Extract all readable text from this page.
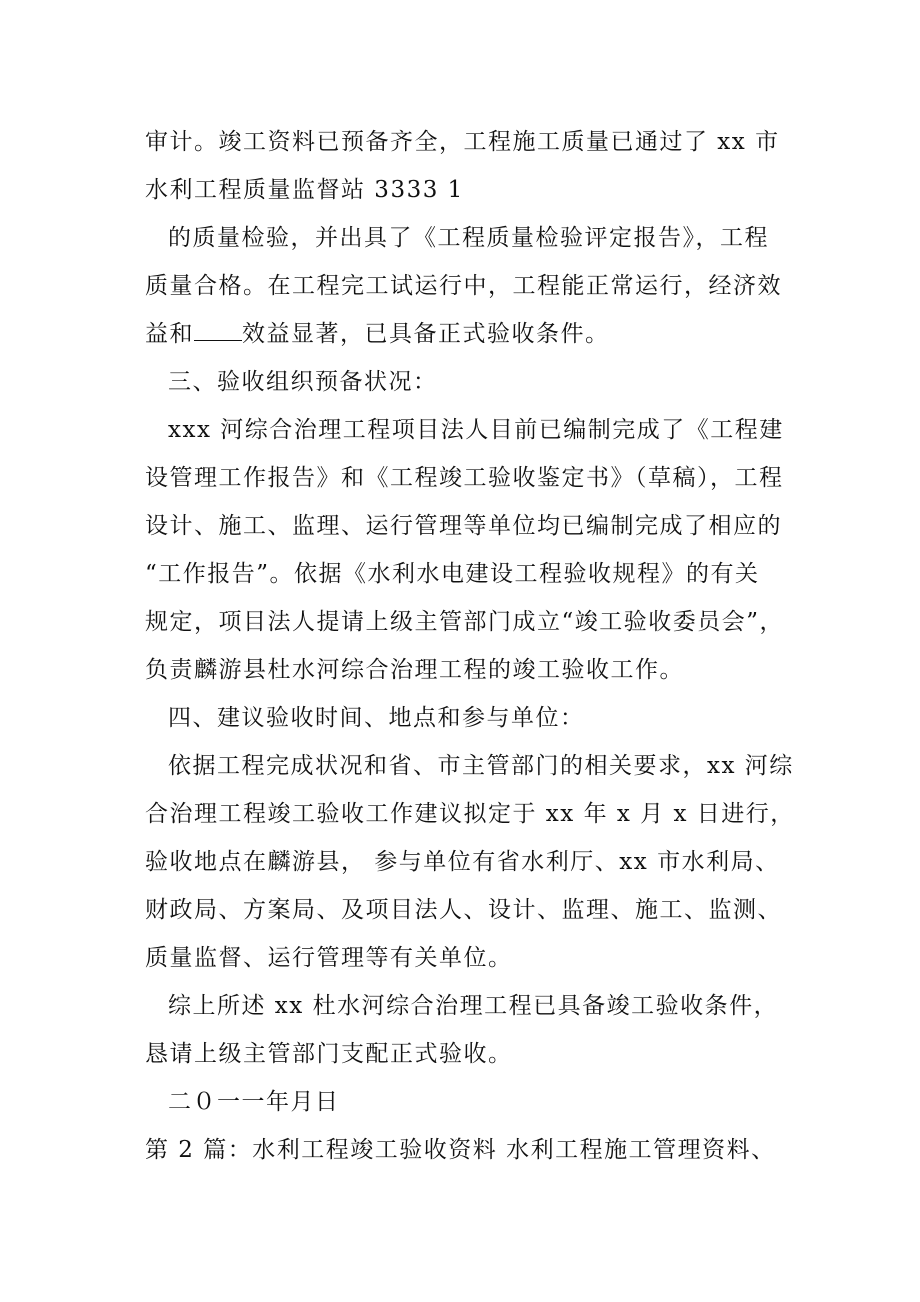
审计。竣工资料已预备齐全，工程施工质量已通过了 xx 市
水利工程质量监督站 3333 1
的质量检验，并出具了《工程质量检验评定报告》，工程
质量合格。在工程完工试运行中，工程能正常运行，经济效
益和 效益显著，已具备正式验收条件。
三、验收组织预备状况：
xxx 河综合治理工程项目法人目前已编制完成了《工程建
设管理工作报告》和《工程竣工验收鉴定书》（草稿），工程
设计、施工、监理、运行管理等单位均已编制完成了相应的
“工作报告”。依据《水利水电建设工程验收规程》的有关
规定，项目法人提请上级主管部门成立“竣工验收委员会”，
负责麟游县杜水河综合治理工程的竣工验收工作。
四、建议验收时间、地点和参与单位：
依据工程完成状况和省、市主管部门的相关要求，xx 河综
合治理工程竣工验收工作建议拟定于 xx 年 x 月 x 日进行，
验收地点在麟游县， 参与单位有省水利厅、xx 市水利局、
财政局、方案局、及项目法人、设计、监理、施工、监测、
质量监督、运行管理等有关单位。
综上所述 xx 杜水河综合治理工程已具备竣工验收条件，
恳请上级主管部门支配正式验收。
二０一一年月日
第 2 篇：水利工程竣工验收资料 水利工程施工管理资料、
